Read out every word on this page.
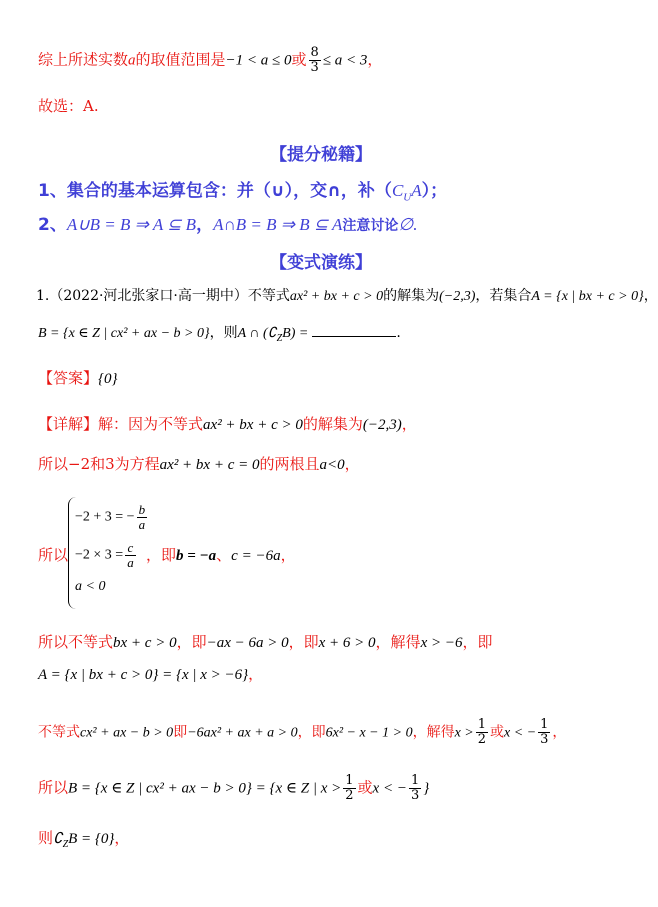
综上所述实数a的取值范围是−1 < a ≤ 0或 $\frac{8}{3} \le a < 3$，
故选：A.
【提分秘籍】
1、集合的基本运算包含：并（∪），交∩，补$(C_UA)$；
2、A∪B = B ⇒ A ⊆ B，A∩B = B ⇒ B ⊆ A注意讨论∅.
【变式演练】
1.（2022·河北张家口·高一期中）不等式ax² + bx + c > 0的解集为(−2,3)，若集合A = {x | bx + c > 0}，
B = {x ∈ Z | cx² + ax − b > 0}，则A ∩ $(∁_ZB)$ =	.
【答案】{0}
【详解】解：因为不等式ax² + bx + c > 0的解集为(−2,3)，
所以−2和3为方程ax² + bx + c = 0的两根且a<0，
所以
−2 + 3 = − $\frac{b}{a}$
$-2 \times 3 = \frac{c}{a}$
a < 0
，即b = −a、c = −6a，
所以不等式bx + c > 0，即−ax − 6a > 0，即x + 6 > 0，解得x > −6，即
A = {x | bx + c > 0} = {x | x > −6}，
不等式cx² + ax − b > 0即−6ax² + ax + a > 0，即6x² − x − 1 > 0，解得$x > \frac{1}{2}$ 或x < − $\frac{1}{3}$ ，
所以B = {x ∈ Z | cx² + ax − b > 0} = {x ∈ Z | $x > \frac{1}{2}$ 或x < − $\frac{1}{3}$ }
则$∁_ZB = \{0\}$，
